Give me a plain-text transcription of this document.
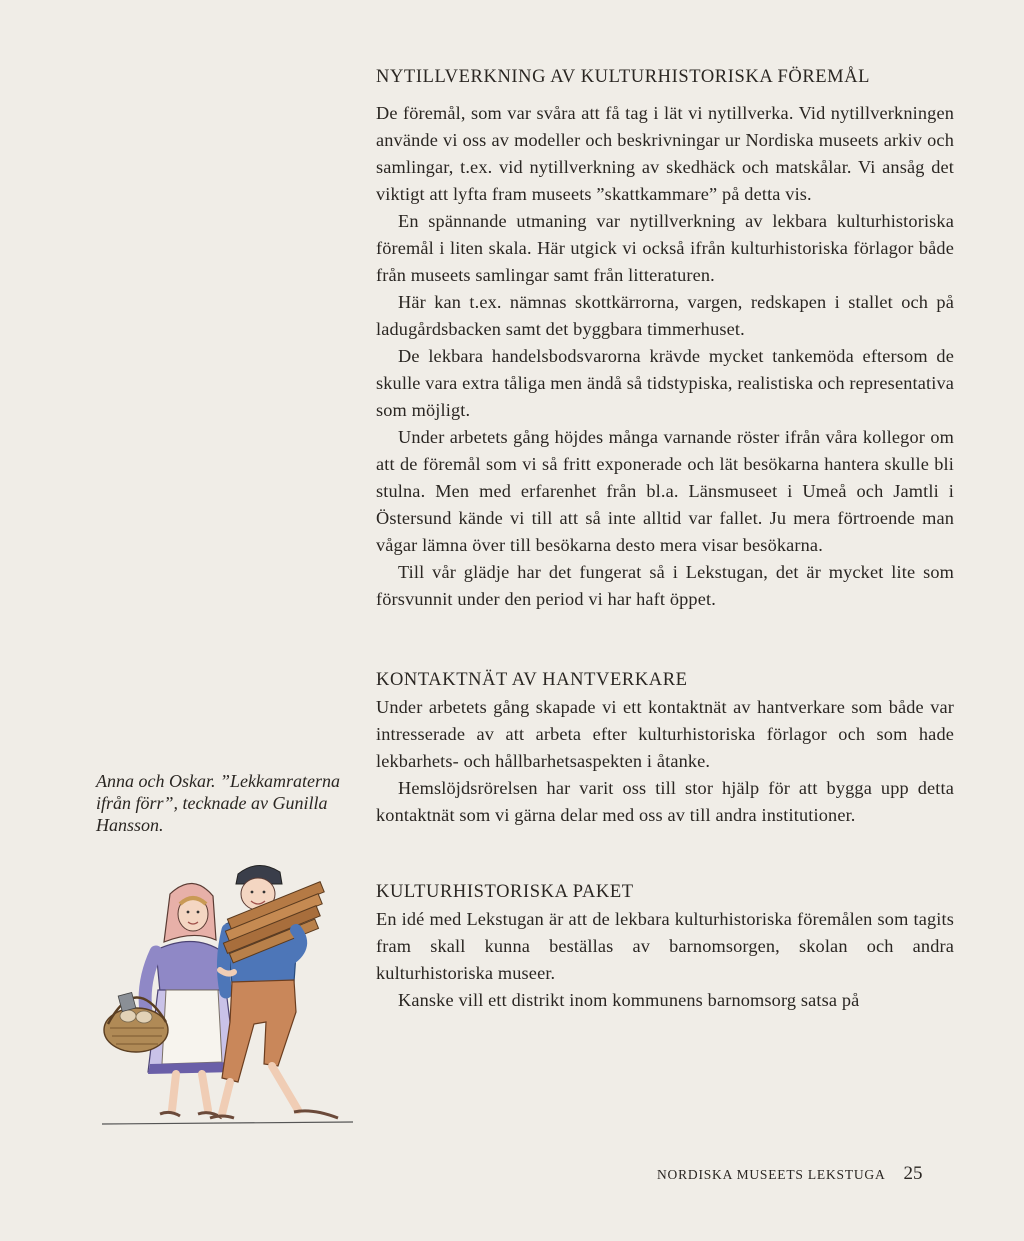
NYTILLVERKNING AV KULTURHISTORISKA FÖREMÅL

De föremål, som var svåra att få tag i lät vi nytillverka. Vid nytillverkningen använde vi oss av modeller och beskrivningar ur Nordiska museets arkiv och samlingar, t.ex. vid nytillverkning av skedhäck och matskålar. Vi ansåg det viktigt att lyfta fram museets ”skattkammare” på detta vis.

En spännande utmaning var nytillverkning av lekbara kulturhistoriska föremål i liten skala. Här utgick vi också ifrån kulturhistoriska förlagor både från museets samlingar samt från litteraturen.

Här kan t.ex. nämnas skottkärrorna, vargen, redskapen i stallet och på ladugårdsbacken samt det byggbara timmerhuset.

De lekbara handelsbodsvarorna krävde mycket tankemöda eftersom de skulle vara extra tåliga men ändå så tidstypiska, realistiska och representativa som möjligt.

Under arbetets gång höjdes många varnande röster ifrån våra kollegor om att de föremål som vi så fritt exponerade och lät besökarna hantera skulle bli stulna. Men med erfarenhet från bl.a. Länsmuseet i Umeå och Jamtli i Östersund kände vi till att så inte alltid var fallet. Ju mera förtroende man vågar lämna över till besökarna desto mera visar besökarna.

Till vår glädje har det fungerat så i Lekstugan, det är mycket lite som försvunnit under den period vi har haft öppet.

KONTAKTNÄT AV HANTVERKARE

Under arbetets gång skapade vi ett kontaktnät av hantverkare som både var intresserade av att arbeta efter kulturhistoriska förlagor och som hade lekbarhets- och hållbarhetsaspekten i åtanke.

Hemslöjdsrörelsen har varit oss till stor hjälp för att bygga upp detta kontaktnät som vi gärna delar med oss av till andra institutioner.

KULTURHISTORISKA PAKET

En idé med Lekstugan är att de lekbara kulturhistoriska föremålen som tagits fram skall kunna beställas av barnomsorgen, skolan och andra kulturhistoriska museer.

Kanske vill ett distrikt inom kommunens barnomsorg satsa på

Anna och Oskar. ”Lekkamraterna ifrån förr”, tecknade av Gunilla Hansson.

NORDISKA MUSEETS LEKSTUGA 25
